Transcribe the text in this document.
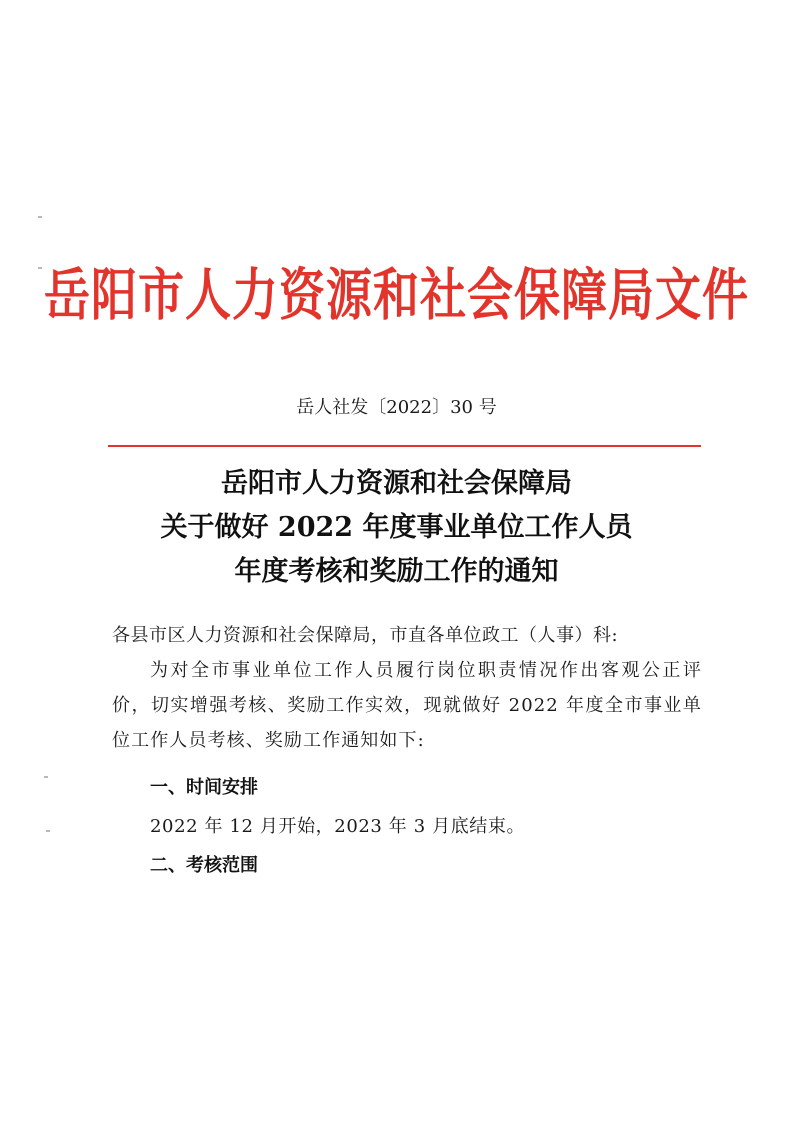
岳阳市人力资源和社会保障局文件
岳人社发〔2022〕30 号
岳阳市人力资源和社会保障局
关于做好 2022 年度事业单位工作人员
年度考核和奖励工作的通知
各县市区人力资源和社会保障局，市直各单位政工（人事）科:
为对全市事业单位工作人员履行岗位职责情况作出客观公正评价，切实增强考核、奖励工作实效，现就做好 2022 年度全市事业单位工作人员考核、奖励工作通知如下:
一、时间安排
2022 年 12 月开始，2023 年 3 月底结束。
二、考核范围
